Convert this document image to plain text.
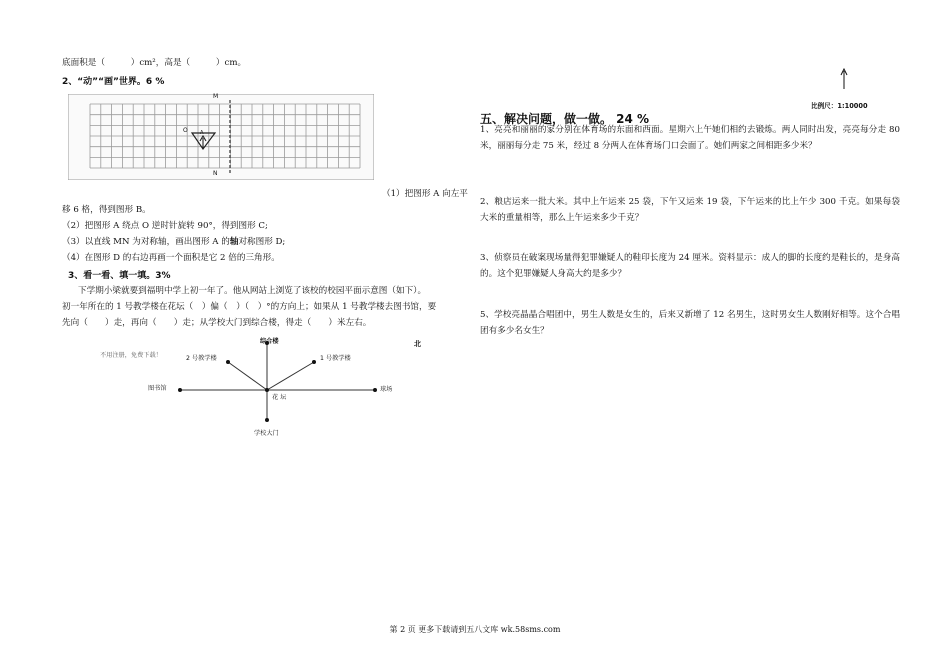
底面积是（　　　）cm²，高是（　　　）cm。
2、“动”“画”世界。6 %
M
N
O A
（1）把图形 A 向左平
移 6 格，得到图形 B。
（2）把图形 A 绕点 O 逆时针旋转 90°，得到图形 C;
（3）以直线 MN 为对称轴，画出图形 A 的轴对称图形 D;
（4）在图形 D 的右边再画一个面积是它 2 倍的三角形。
3、看一看、填一填。3%
下学期小梁就要到福明中学上初一年了。他从网站上浏览了该校的校园平面示意图（如下）。
初一年所在的 1 号教学楼在花坛（　）偏（　）（　）°的方向上；如果从 1 号教学楼去图书馆，要
先向（　　）走，再向（　　）走；从学校大门到综合楼，得走（　　）米左右。
不用注册，免费下载！
北
综合楼
2 号教学楼	1 号教学楼
图书馆
花 坛
球场
学校大门
比例尺：1:10000
五、解决问题，做一做。 24 %
1、亮亮和丽丽的家分别在体育场的东面和西面。星期六上午她们相约去锻炼。两人同时出发，亮亮每分走 80 米，丽丽每分走 75 米，经过 8 分两人在体育场门口会面了。她们两家之间相距多少米？
2、粮店运来一批大米。其中上午运来 25 袋，下午又运来 19 袋，下午运来的比上午少 300 千克。如果每袋大米的重量相等，那么上午运来多少千克？
3、侦察员在破案现场量得犯罪嫌疑人的鞋印长度为 24 厘米。资料显示：成人的脚的长度约是鞋长的，是身高的。这个犯罪嫌疑人身高大约是多少？
5、学校亮晶晶合唱团中，男生人数是女生的，后来又新增了 12 名男生，这时男女生人数刚好相等。这个合唱团有多少名女生？
第 2 页 更多下载请到五八文库 wk.58sms.com
